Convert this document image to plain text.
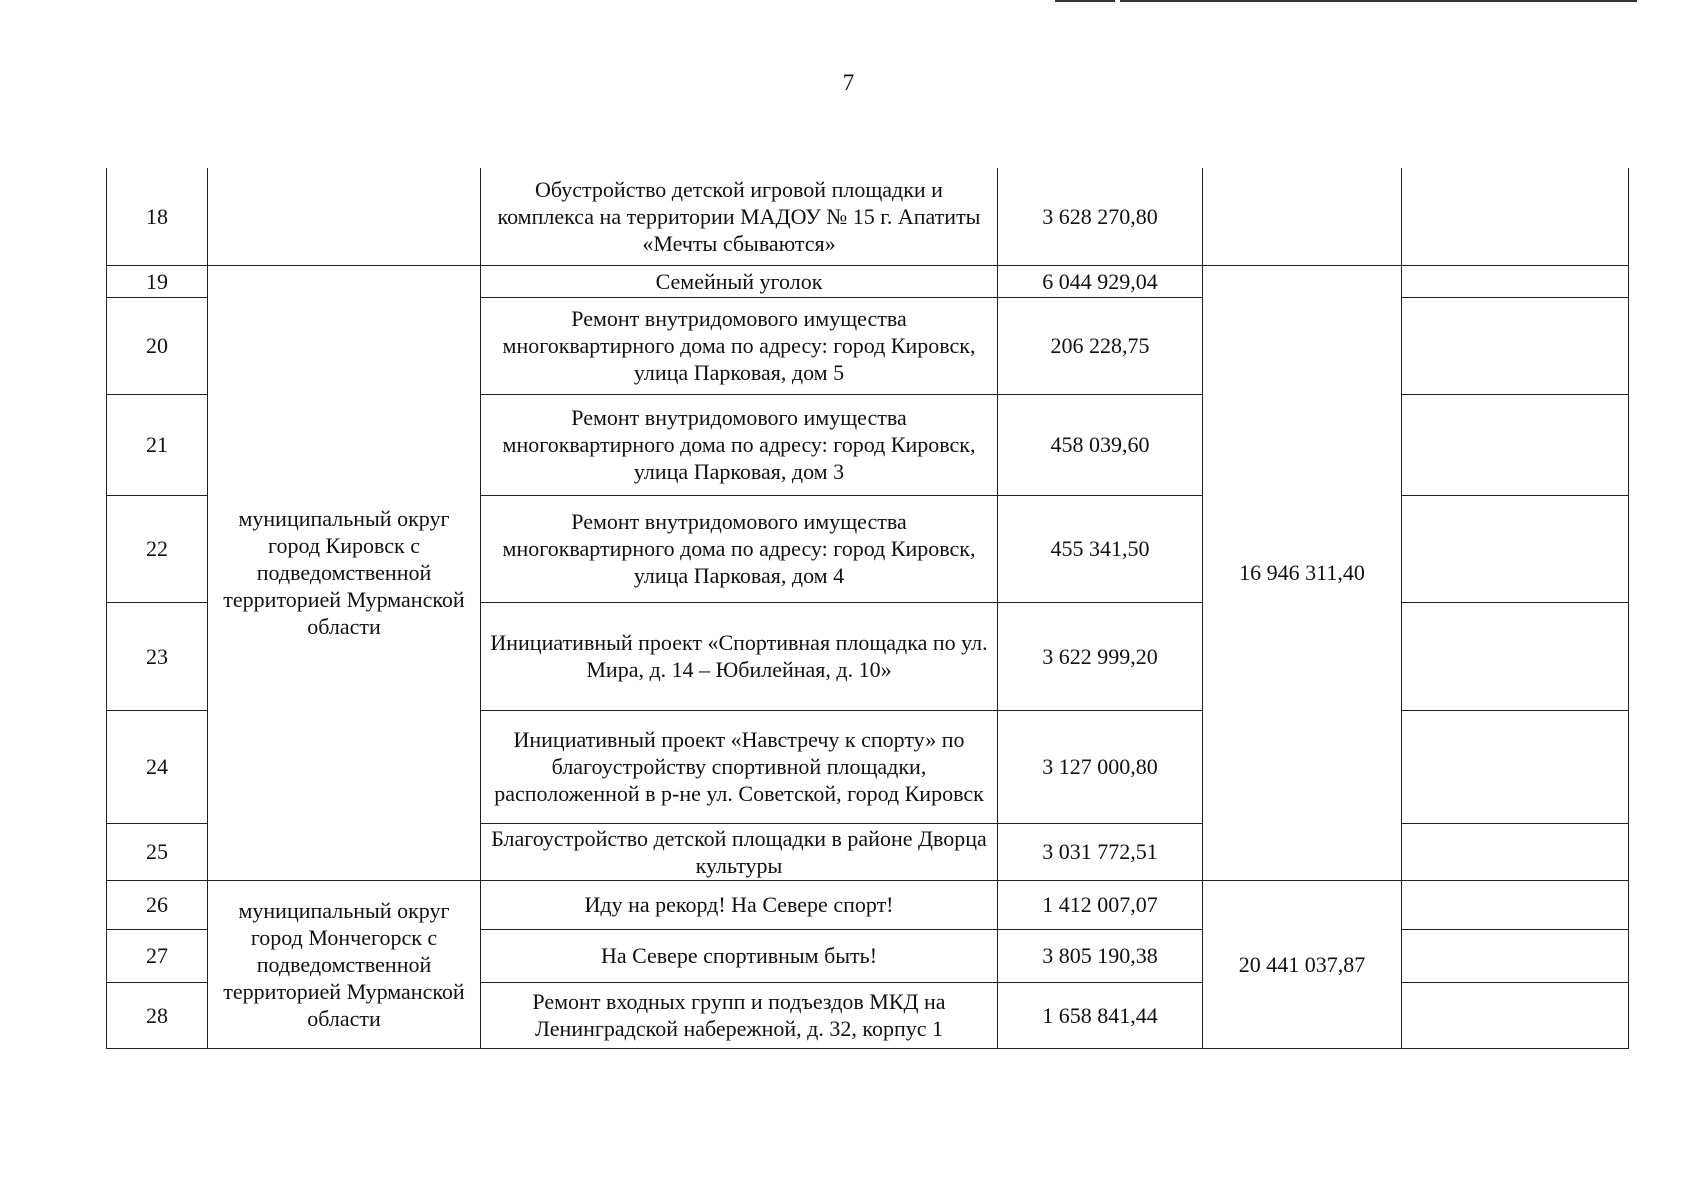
7
18		Обустройство детской игровой площадки и комплекса на территории МАДОУ № 15 г. Апатиты «Мечты сбываются»	3 628 270,80		
19	муниципальный округ город Кировск с подведомственной территорией Мурманской области	Семейный уголок	6 044 929,04	16 946 311,40	
20		Ремонт внутридомового имущества многоквартирного дома по адресу: город Кировск, улица Парковая, дом 5	206 228,75		
21		Ремонт внутридомового имущества многоквартирного дома по адресу: город Кировск, улица Парковая, дом 3	458 039,60		
22		Ремонт внутридомового имущества многоквартирного дома по адресу: город Кировск, улица Парковая, дом 4	455 341,50		
23		Инициативный проект «Спортивная площадка по ул. Мира, д. 14 – Юбилейная, д. 10»	3 622 999,20		
24		Инициативный проект «Навстречу к спорту» по благоустройству спортивной площадки, расположенной в р-не ул. Советской, город Кировск	3 127 000,80		
25		Благоустройство детской площадки в районе Дворца культуры	3 031 772,51		
26	муниципальный округ город Мончегорск с подведомственной территорией Мурманской области	Иду на рекорд! На Севере спорт!	1 412 007,07	20 441 037,87	
27		На Севере спортивным быть!	3 805 190,38		
28		Ремонт входных групп и подъездов МКД на Ленинградской набережной, д. 32, корпус 1	1 658 841,44		
